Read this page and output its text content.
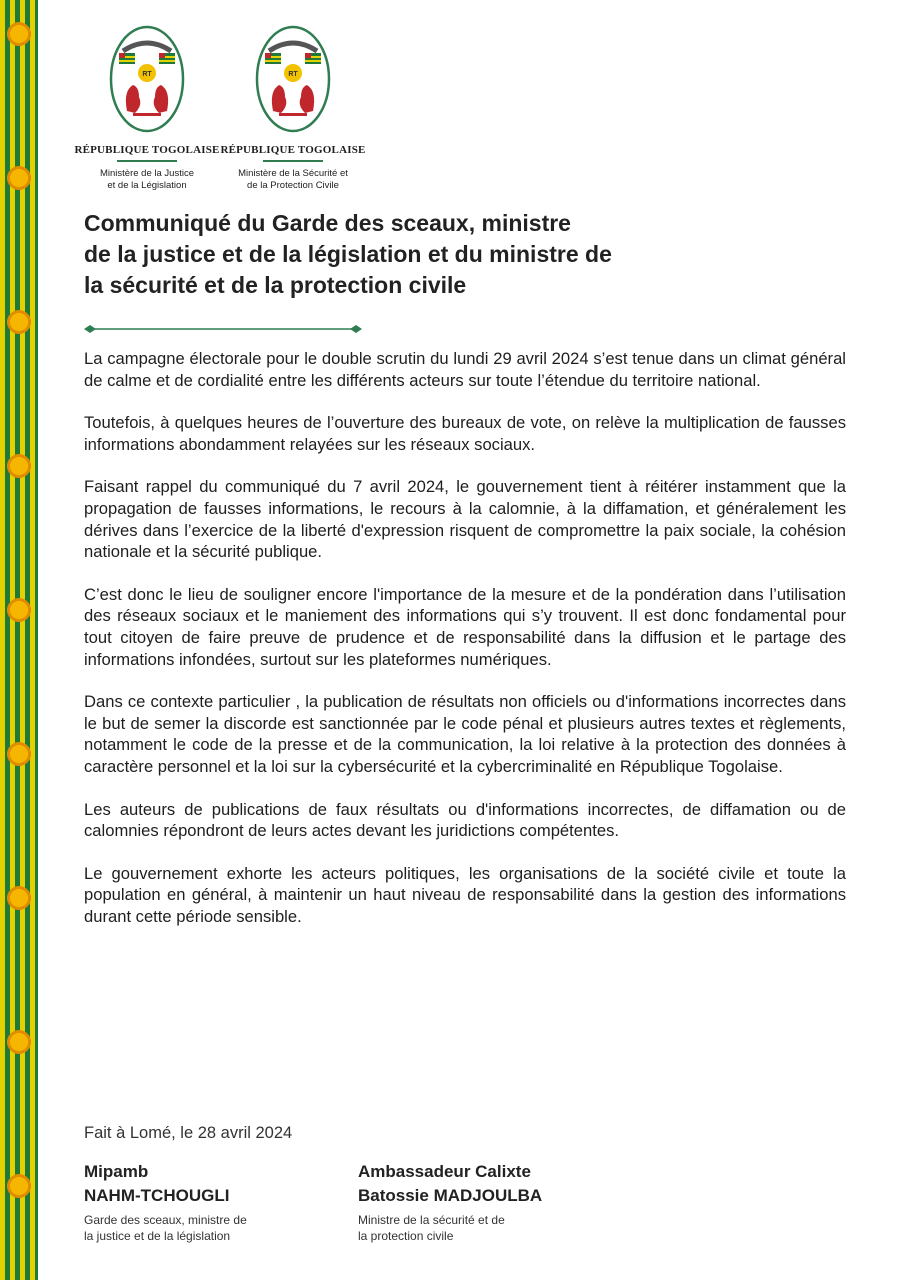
RT
RÉPUBLIQUE TOGOLAISE
Ministère de la Justice
et de la Législation
RT
RÉPUBLIQUE TOGOLAISE
Ministère de la Sécurité et
de la Protection Civile
Communiqué du Garde des sceaux, ministre
de la justice et de la législation et du ministre de
la sécurité et de la protection civile

La campagne électorale pour le double scrutin du lundi 29 avril 2024 s’est tenue dans un climat général de calme et de cordialité entre les différents acteurs sur toute l’étendue du territoire national.

Toutefois, à quelques heures de l’ouverture des bureaux de vote, on relève la multiplication de fausses informations abondamment relayées sur les réseaux sociaux.

Faisant rappel du communiqué du 7 avril 2024, le gouvernement tient à réitérer instamment que la propagation de fausses informations, le recours à la calomnie, à la diffamation, et généralement les dérives dans l’exercice de la liberté d'expression risquent de compromettre la paix sociale, la cohésion nationale et la sécurité publique.

C’est donc le lieu de souligner encore l'importance de la mesure et de la pondération dans l’utilisation des réseaux sociaux et le maniement des informations qui s’y trouvent. Il est donc fondamental pour tout citoyen de faire preuve de prudence et de responsabilité dans la diffusion et le partage des informations infondées, surtout sur les plateformes numériques.

Dans ce contexte particulier , la publication de résultats non officiels ou d'informations incorrectes dans le but de semer la discorde est sanctionnée par le code pénal et plusieurs autres textes et règlements, notamment le code de la presse et de la communication, la loi relative à la protection des données à caractère personnel et la loi sur la cybersécurité et la cybercriminalité en République Togolaise.

Les auteurs de publications de faux résultats ou d'informations incorrectes, de diffamation ou de calomnies répondront de leurs actes devant les juridictions compétentes.

Le gouvernement exhorte les acteurs politiques, les organisations de la société civile et toute la population en général, à maintenir un haut niveau de responsabilité dans la gestion des informations durant cette période sensible.

Fait à Lomé, le 28 avril 2024
Mipamb
NAHM-TCHOUGLI
Garde des sceaux, ministre de
la justice et de la législation
Ambassadeur Calixte
Batossie MADJOULBA
Ministre de la sécurité et de
la protection civile
